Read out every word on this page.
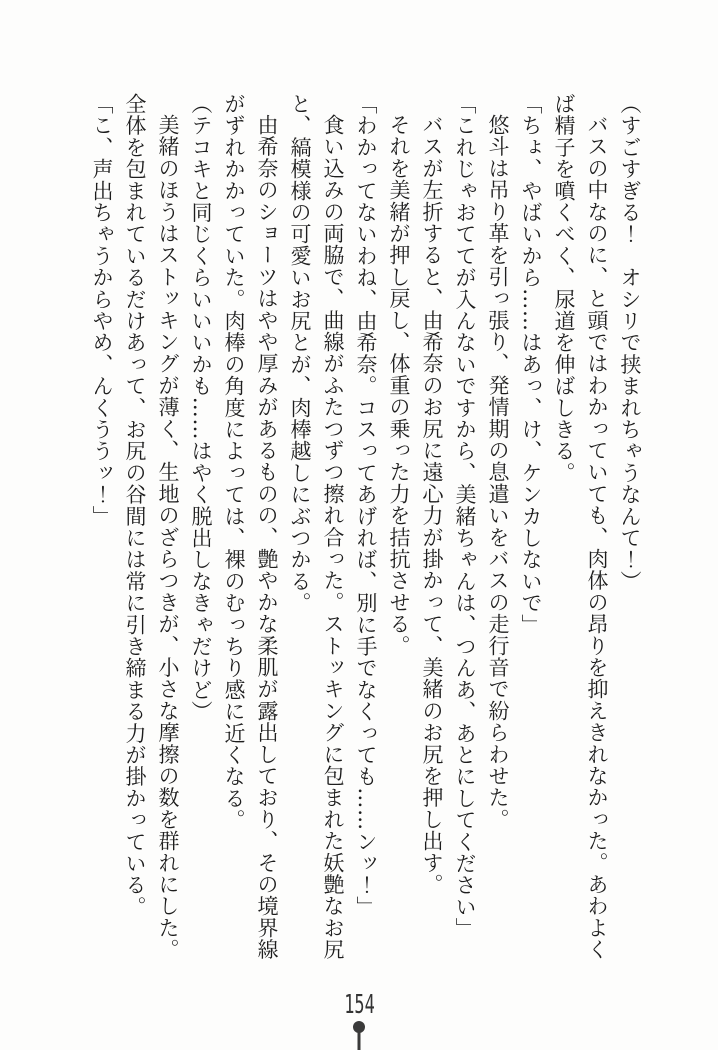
（すごすぎる！　オシリで挟まれちゃうなんて！）

バスの中なのに、と頭ではわかっていても、肉体の昂りを抑えきれなかった。あわよくば精子を噴くべく、尿道を伸ばしきる。

「ちょ、やばいから……はあっ、け、ケンカしないで」

悠斗は吊り革を引っ張り、発情期の息遣いをバスの走行音で紛らわせた。

「これじゃおててが入んないですから、美緒ちゃんは、つんあ、あとにしてください」

バスが左折すると、由希奈のお尻に遠心力が掛かって、美緒のお尻を押し出す。

それを美緒が押し戻し、体重の乗った力を拮抗させる。

「わかってないわね、由希奈。コスってあげれば、別に手でなくっても……ンッ！」

食い込みの両脇で、曲線がふたつずつ擦れ合った。ストッキングに包まれた妖艶なお尻と、縞模様の可愛いお尻とが、肉棒越しにぶつかる。

由希奈のショーツはやや厚みがあるものの、艶やかな柔肌が露出しており、その境界線がずれかかっていた。肉棒の角度によっては、裸のむっちり感に近くなる。

（テコキと同じくらいいいかも……はやく脱出しなきゃだけど）

美緒のほうはストッキングが薄く、生地のざらつきが、小さな摩擦の数を群れにした。全体を包まれているだけあって、お尻の谷間には常に引き締まる力が掛かっている。

「こ、声出ちゃうからやめ、んくううッ！」

154
